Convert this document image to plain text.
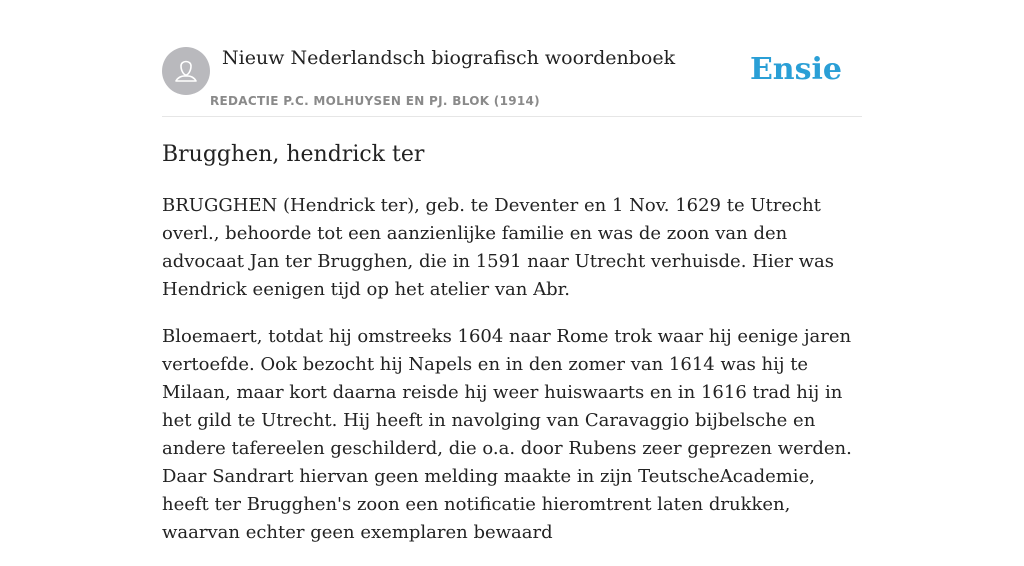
Nieuw Nederlandsch biografisch woordenboek
REDACTIE P.C. MOLHUYSEN EN PJ. BLOK (1914)
Ensie
Brugghen, hendrick ter

BRUGGHEN (Hendrick ter), geb. te Deventer en 1 Nov. 1629 te Utrecht overl., behoorde tot een aanzienlijke familie en was de zoon van den advocaat Jan ter Brugghen, die in 1591 naar Utrecht verhuisde. Hier was Hendrick eenigen tijd op het atelier van Abr.

Bloemaert, totdat hij omstreeks 1604 naar Rome trok waar hij eenige jaren vertoefde. Ook bezocht hij Napels en in den zomer van 1614 was hij te Milaan, maar kort daarna reisde hij weer huiswaarts en in 1616 trad hij in het gild te Utrecht. Hij heeft in navolging van Caravaggio bijbelsche en andere tafereelen geschilderd, die o.a. door Rubens zeer geprezen werden. Daar Sandrart hiervan geen melding maakte in zijn TeutscheAcademie, heeft ter Brugghen's zoon een notificatie hieromtrent laten drukken, waarvan echter geen exemplaren bewaard
